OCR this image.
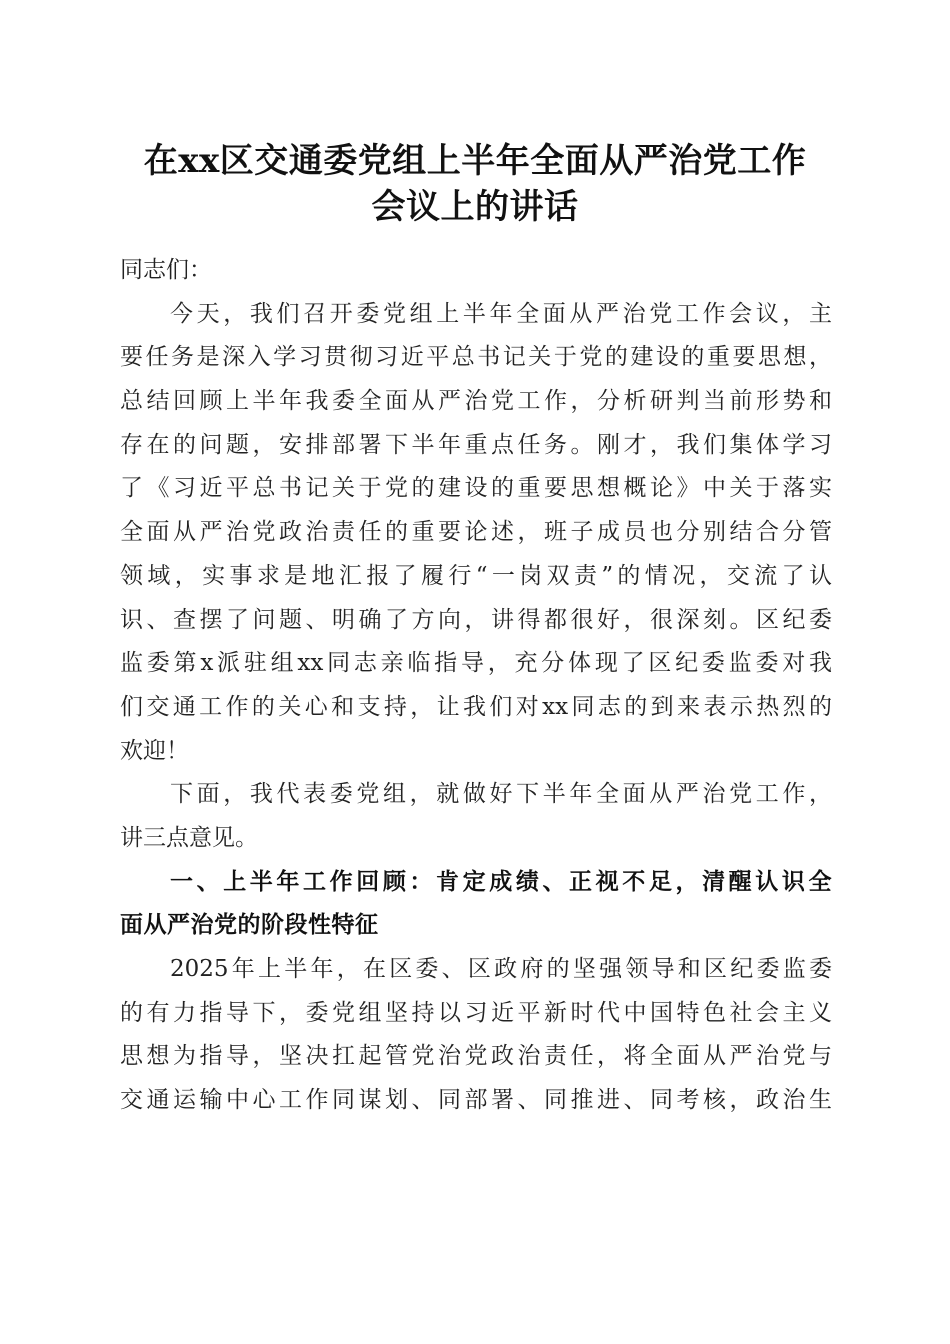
在xx区交通委党组上半年全面从严治党工作
会议上的讲话
同志们：
今天，我们召开委党组上半年全面从严治党工作会议，主
要任务是深入学习贯彻习近平总书记关于党的建设的重要思想，
总结回顾上半年我委全面从严治党工作，分析研判当前形势和
存在的问题，安排部署下半年重点任务。刚才，我们集体学习
了《习近平总书记关于党的建设的重要思想概论》中关于落实
全面从严治党政治责任的重要论述，班子成员也分别结合分管
领域，实事求是地汇报了履行“一岗双责”的情况，交流了认
识、查摆了问题、明确了方向，讲得都很好，很深刻。区纪委
监委第x派驻组xx同志亲临指导，充分体现了区纪委监委对我
们交通工作的关心和支持，让我们对xx同志的到来表示热烈的
欢迎！
下面，我代表委党组，就做好下半年全面从严治党工作，
讲三点意见。
一、上半年工作回顾：肯定成绩、正视不足，清醒认识全
面从严治党的阶段性特征
2025年上半年，在区委、区政府的坚强领导和区纪委监委
的有力指导下，委党组坚持以习近平新时代中国特色社会主义
思想为指导，坚决扛起管党治党政治责任，将全面从严治党与
交通运输中心工作同谋划、同部署、同推进、同考核，政治生
